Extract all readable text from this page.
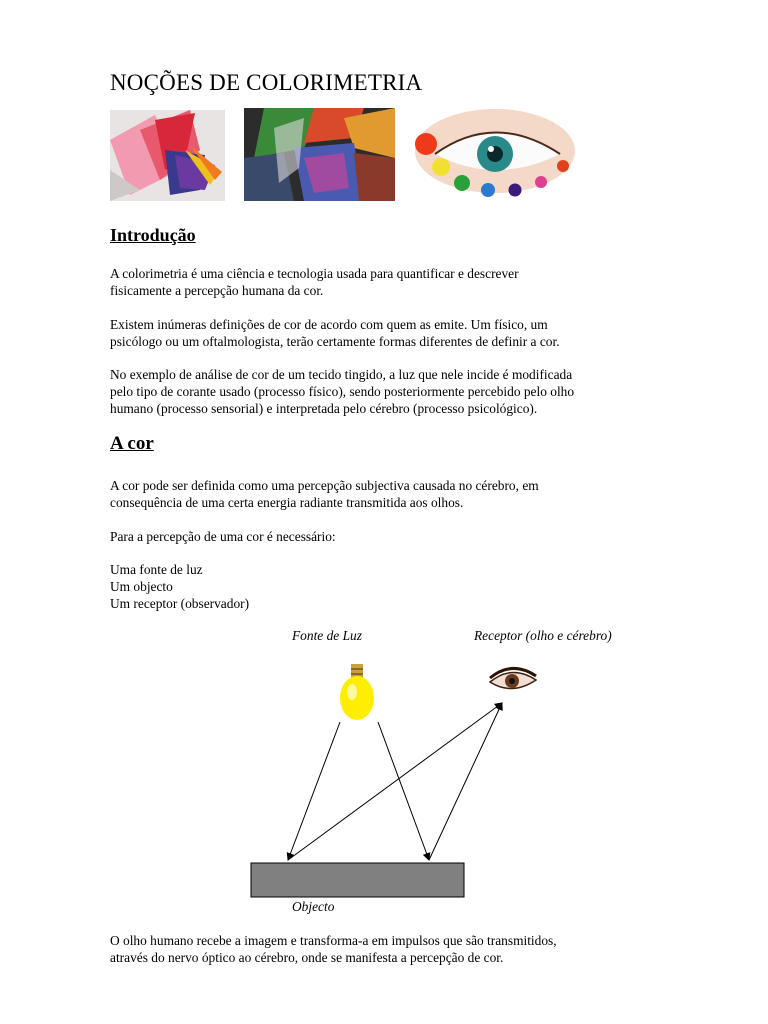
NOÇÕES DE COLORIMETRIA
Introdução
A colorimetria é uma ciência e tecnologia usada para quantificar e descrever
fisicamente a percepção humana da cor.
Existem inúmeras definições de cor de acordo com quem as emite. Um físico, um
psicólogo ou um oftalmologista, terão certamente formas diferentes de definir a cor.
No exemplo de análise de cor de um tecido tingido, a luz que nele incide é modificada
pelo tipo de corante usado (processo físico), sendo posteriormente percebido pelo olho
humano (processo sensorial) e interpretada pelo cérebro (processo psicológico).
A cor
A cor pode ser definida como uma percepção subjectiva causada no cérebro, em
consequência de uma certa energia radiante transmitida aos olhos.
Para a percepção de uma cor é necessário:
Uma fonte de luz
Um objecto
Um receptor (observador)
Fonte de Luz	Receptor (olho e cérebro)
Objecto
O olho humano recebe a imagem e transforma-a em impulsos que são transmitidos,
através do nervo óptico ao cérebro, onde se manifesta a percepção de cor.
